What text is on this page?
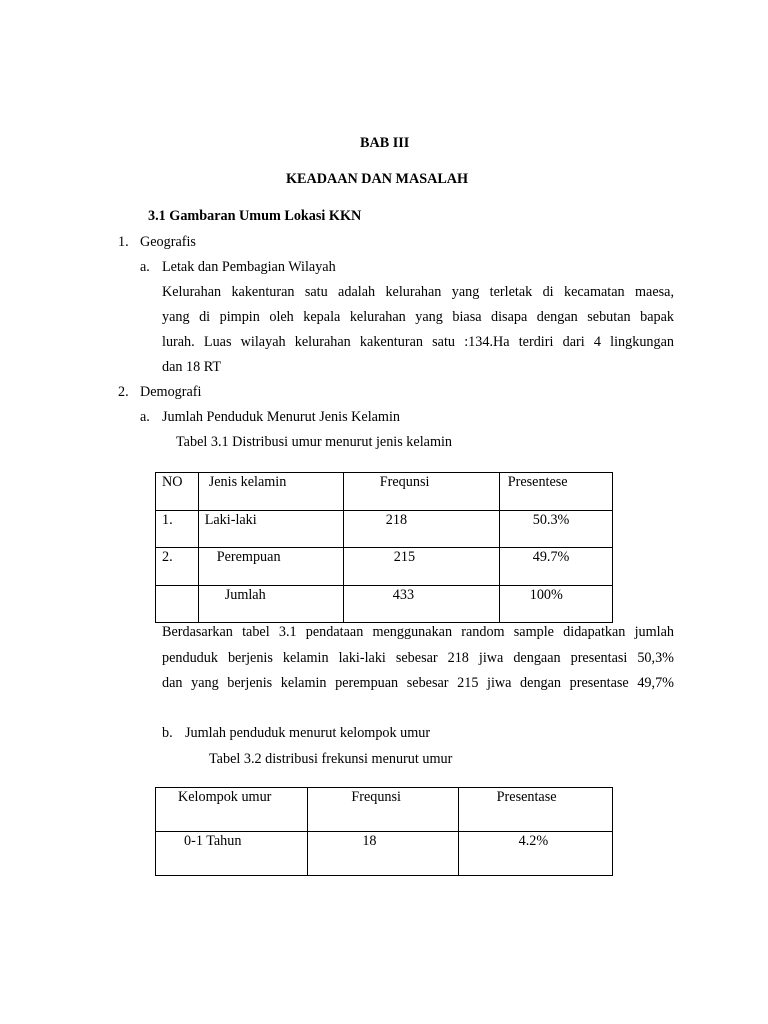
BAB III
KEADAAN DAN MASALAH
3.1 Gambaran Umum Lokasi KKN
1. Geografis
a. Letak dan Pembagian Wilayah
Kelurahan kakenturan satu adalah kelurahan yang terletak di kecamatan maesa,
yang di pimpin oleh kepala kelurahan yang biasa disapa dengan sebutan bapak
lurah. Luas wilayah kelurahan kakenturan satu :134.Ha terdiri dari 4 lingkungan
dan 18 RT
2. Demografi
a. Jumlah Penduduk Menurut Jenis Kelamin
Tabel 3.1 Distribusi umur menurut jenis kelamin
NO	Jenis kelamin	Frequnsi	Presentese

1.	Laki-laki	218	50.3%

2.	Perempuan	215	49.7%

	Jumlah	433	100%
Berdasarkan tabel 3.1 pendataan menggunakan random sample didapatkan jumlah
penduduk berjenis kelamin laki-laki sebesar 218 jiwa dengaan presentasi 50,3%
dan yang berjenis kelamin perempuan sebesar 215 jiwa dengan presentase 49,7%
b. Jumlah penduduk menurut kelompok umur
Tabel 3.2 distribusi frekunsi menurut umur
Kelompok umur	Frequnsi	Presentase

0-1 Tahun	18	4.2%
